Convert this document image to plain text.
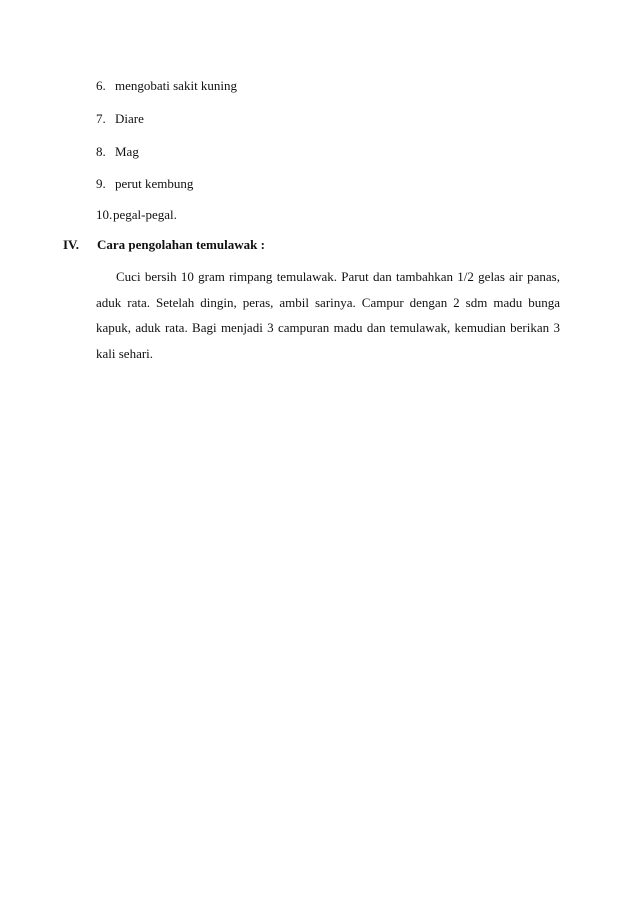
6. mengobati sakit kuning
7. Diare
8. Mag
9. perut kembung
10.pegal-pegal.
IV. Cara pengolahan temulawak :

Cuci bersih 10 gram rimpang temulawak. Parut dan tambahkan 1/2 gelas air panas, aduk rata. Setelah dingin, peras, ambil sarinya. Campur dengan 2 sdm madu bunga kapuk, aduk rata. Bagi menjadi 3 campuran madu dan temulawak, kemudian berikan 3 kali sehari.
